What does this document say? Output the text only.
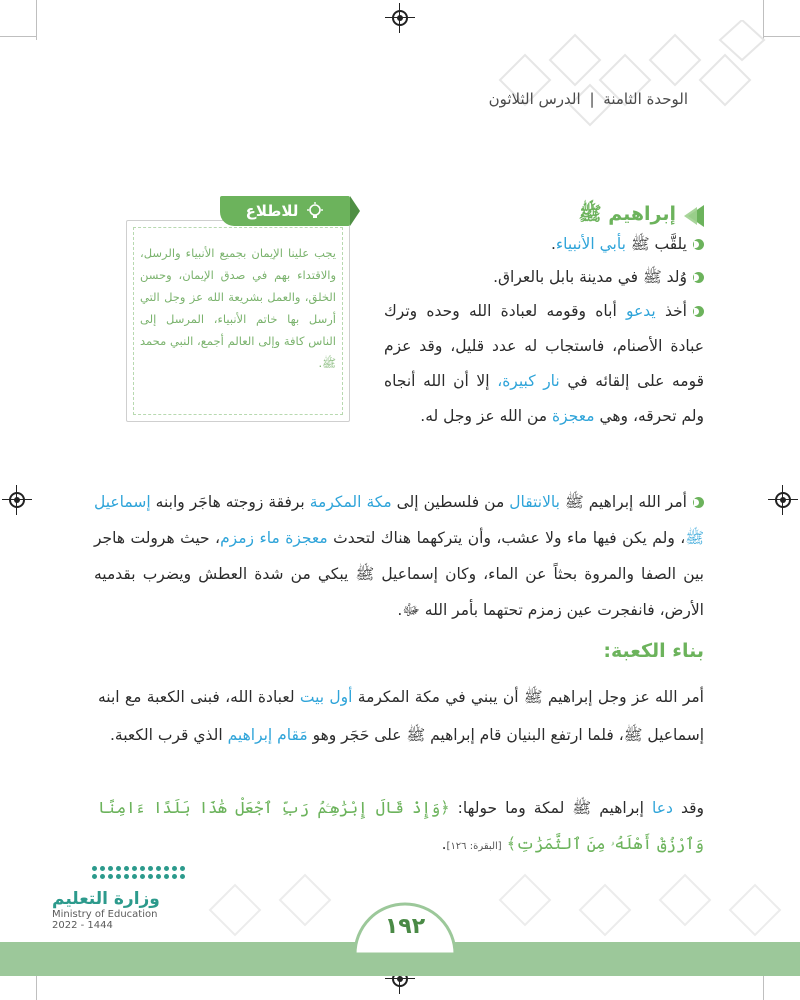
الوحدة الثامنة | الدرس الثلاثون
إبراهيم ﷺ
يلقَّب ﷺ بأبي الأنبياء.
وُلد ﷺ في مدينة بابل بالعراق.
أخذ يدعو أباه وقومه لعبادة الله وحده وترك عبادة الأصنام، فاستجاب له عدد قليل، وقد عزم قومه على إلقائه في نار كبيرة، إلا أن الله أنجاه ولم تحرقه، وهي معجزة من الله عز وجل له.
للاطلاع
يجب علينا الإيمان بجميع الأنبياء والرسل، والاقتداء بهم في صدق الإيمان، وحسن الخلق، والعمل بشريعة الله عز وجل التي أرسل بها خاتم الأنبياء، المرسل إلى الناس كافة وإلى العالم أجمع، النبي محمد ﷺ.
أمر الله إبراهيم ﷺ بالانتقال من فلسطين إلى مكة المكرمة برفقة زوجته هاجَر وابنه إسماعيل ﷺ، ولم يكن فيها ماء ولا عشب، وأن يتركهما هناك لتحدث معجزة ماء زمزم، حيث هرولت هاجر بين الصفا والمروة بحثاً عن الماء، وكان إسماعيل ﷺ يبكي من شدة العطش ويضرب بقدميه الأرض، فانفجرت عين زمزم تحتهما بأمر الله ﷻ.
بناء الكعبة:
أمر الله عز وجل إبراهيم ﷺ أن يبني في مكة المكرمة أول بيت لعبادة الله، فبنى الكعبة مع ابنه إسماعيل ﷺ، فلما ارتفع البنيان قام إبراهيم ﷺ على حَجَر وهو مَقام إبراهيم الذي قرب الكعبة.
وقد دعا إبراهيم ﷺ لمكة وما حولها: ﴿وَإِذْ قَالَ إِبْرَٰهِـۧمُ رَبِّ ٱجْعَلْ هَٰذَا بَلَدًا ءَامِنًا وَٱرْزُقْ أَهْلَهُۥ مِنَ ٱلثَّمَرَٰتِ﴾ [البقرة: ١٢٦].
١٩٢
وزارة التعليم
Ministry of Education
2022 - 1444
